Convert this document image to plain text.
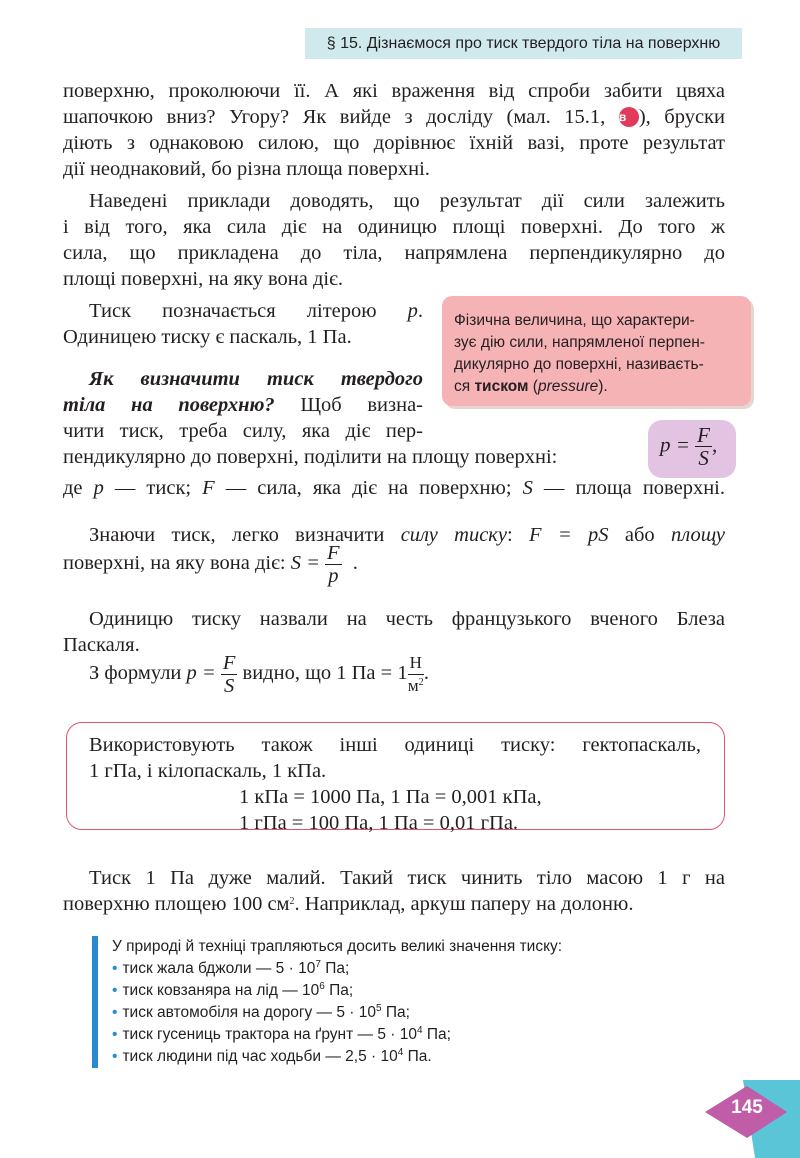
§ 15. Дізнаємося про тиск твердого тіла на поверхню
поверхню, проколюючи її. А які враження від спроби забити цвяха
шапочкою вниз? Угору? Як вийде з досліду (мал. 15.1, в ), бруски
діють з однаковою силою, що дорівнює їхній вазі, проте результат
дії неоднаковий, бо різна площа поверхні.
Наведені приклади доводять, що результат дії сили залежить
і від того, яка сила діє на одиницю площі поверхні. До того ж
сила, що прикладена до тіла, напрямлена перпендикулярно до
площі поверхні, на яку вона діє.
Тиск позначається літерою p.
Одиницею тиску є паскаль, 1 Па.
Фізична величина, що характери-
зує дію сили, напрямленої перпен-
дикулярно до поверхні, називаєть-
ся тиском (pressure).
Як визначити тиск твердого
тіла на поверхню? Щоб визна-
чити тиск, треба силу, яка діє пер-
пендикулярно до поверхні, поділити на площу поверхні:
$p = \frac{F}{S}$ ,
де p — тиск; F — сила, яка діє на поверхню; S — площа поверхні.
Знаючи тиск, легко визначити силу тиску: F = pS або площу
поверхні, на яку вона діє: $S = \frac{F}{p}$ .
Одиницю тиску назвали на честь французького вченого Блеза
Паскаля.
З формули $p = \frac{F}{S}$ видно, що 1 Па = $1 \frac{Н}{м^2}$ .
Використовують також інші одиниці тиску: гектопаскаль,
1 гПа, і кілопаскаль, 1 кПа.
1 кПа = 1000 Па, 1 Па = 0,001 кПа,
1 гПа = 100 Па, 1 Па = 0,01 гПа.
Тиск 1 Па дуже малий. Такий тиск чинить тіло масою 1 г на
поверхню площею 100 $см^2$. Наприклад, аркуш паперу на долоню.
У природі й техніці трапляються досить великі значення тиску:
• тиск жала бджоли — $5 \cdot 10^7$ Па;
• тиск ковзаняра на лід — $10^6$ Па;
• тиск автомобіля на дорогу — $5 \cdot 10^5$ Па;
• тиск гусениць трактора на ґрунт — $5 \cdot 10^4$ Па;
• тиск людини під час ходьби — $2,5 \cdot 10^4$ Па.
145
